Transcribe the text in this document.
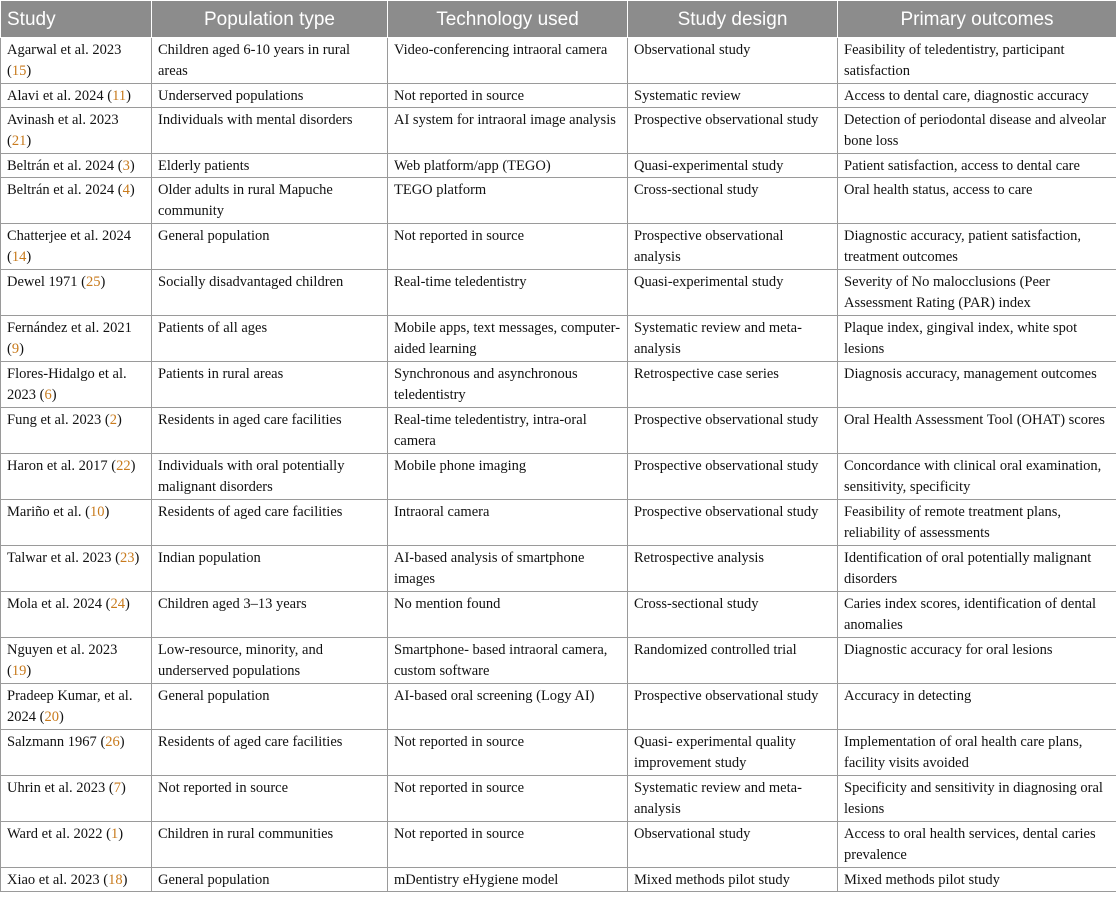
Study	Population type	Technology used	Study design	Primary outcomes
Agarwal et al. 2023 (15)	Children aged 6-10 years in rural areas	Video-conferencing intraoral camera	Observational study	Feasibility of teledentistry, participant satisfaction
Alavi et al. 2024 (11)	Underserved populations	Not reported in source	Systematic review	Access to dental care, diagnostic accuracy
Avinash et al. 2023 (21)	Individuals with mental disorders	AI system for intraoral image analysis	Prospective observational study	Detection of periodontal disease and alveolar bone loss
Beltrán et al. 2024 (3)	Elderly patients	Web platform/app (TEGO)	Quasi-experimental study	Patient satisfaction, access to dental care
Beltrán et al. 2024 (4)	Older adults in rural Mapuche community	TEGO platform	Cross-sectional study	Oral health status, access to care
Chatterjee et al. 2024 (14)	General population	Not reported in source	Prospective observational analysis	Diagnostic accuracy, patient satisfaction, treatment outcomes
Dewel 1971 (25)	Socially disadvantaged children	Real-time teledentistry	Quasi-experimental study	Severity of No malocclusions (Peer Assessment Rating (PAR) index
Fernández et al. 2021 (9)	Patients of all ages	Mobile apps, text messages, computer-aided learning	Systematic review and meta-analysis	Plaque index, gingival index, white spot lesions
Flores-Hidalgo et al. 2023 (6)	Patients in rural areas	Synchronous and asynchronous teledentistry	Retrospective case series	Diagnosis accuracy, management outcomes
Fung et al. 2023 (2)	Residents in aged care facilities	Real-time teledentistry, intra-oral camera	Prospective observational study	Oral Health Assessment Tool (OHAT) scores
Haron et al. 2017 (22)	Individuals with oral potentially malignant disorders	Mobile phone imaging	Prospective observational study	Concordance with clinical oral examination, sensitivity, specificity
Mariño et al. (10)	Residents of aged care facilities	Intraoral camera	Prospective observational study	Feasibility of remote treatment plans, reliability of assessments
Talwar et al. 2023 (23)	Indian population	AI-based analysis of smartphone images	Retrospective analysis	Identification of oral potentially malignant disorders
Mola et al. 2024 (24)	Children aged 3–13 years	No mention found	Cross-sectional study	Caries index scores, identification of dental anomalies
Nguyen et al. 2023 (19)	Low-resource, minority, and underserved populations	Smartphone- based intraoral camera, custom software	Randomized controlled trial	Diagnostic accuracy for oral lesions
Pradeep Kumar, et al. 2024 (20)	General population	AI-based oral screening (Logy AI)	Prospective observational study	Accuracy in detecting
Salzmann 1967 (26)	Residents of aged care facilities	Not reported in source	Quasi- experimental quality improvement study	Implementation of oral health care plans, facility visits avoided
Uhrin et al. 2023 (7)	Not reported in source	Not reported in source	Systematic review and meta-analysis	Specificity and sensitivity in diagnosing oral lesions
Ward et al. 2022 (1)	Children in rural communities	Not reported in source	Observational study	Access to oral health services, dental caries prevalence
Xiao et al. 2023 (18)	General population	mDentistry eHygiene model	Mixed methods pilot study	Mixed methods pilot study
